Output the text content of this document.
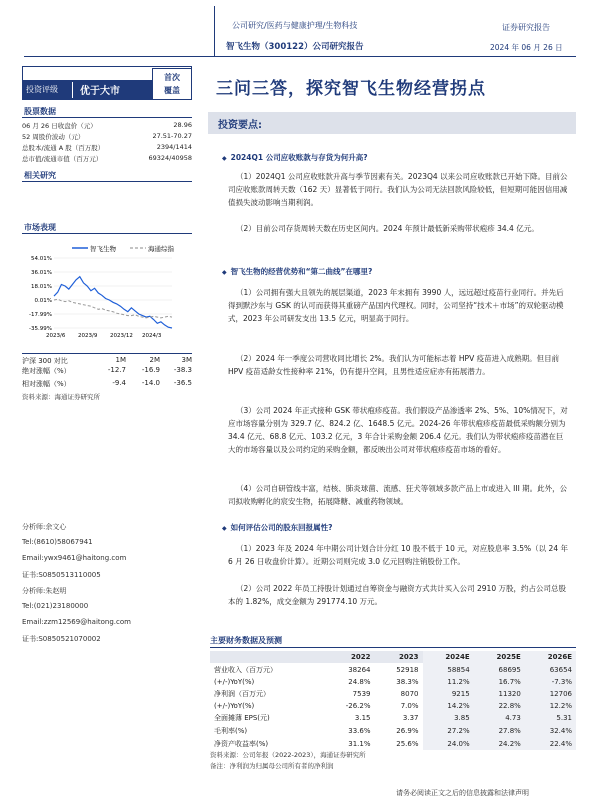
公司研究/医药与健康护理/生物科技
智飞生物（300122）公司研究报告
证券研究报告
2024 年 06 月 26 日
投资评级 优于大市
首次
覆盖	三问三答，探究智飞生物经营拐点
股票数据
06 月 26 日收盘价（元）	28.96
52 周股价波动（元）	27.51-70.27
总股本/流通 A 股（百万股）	2394/1414
总市值/流通市值（百万元）	69324/40958
相关研究
市场表现
智飞生物	海通综指
54.01%
36.01%
18.01%
0.01%
-17.99%
-35.99%
2023/6 2023/9 2023/12 2024/3
沪深 300 对比	1M	2M	3M
绝对涨幅（%）	-12.7	-16.9	-38.3
相对涨幅（%）	-9.4	-14.0	-36.5
资料来源：海通证券研究所
分析师:余文心
Tel:(8610)58067941
Email:ywx9461@haitong.com
证书:S0850513110005
分析师:朱赵明
Tel:(021)23180000
Email:zzm12569@haitong.com
证书:S0850521070002
投资要点:
◆ 2024Q1 公司应收账款与存货为何升高?
（1）2024Q1 公司应收账款升高与季节因素有关。2023Q4 以来公司应收账款已开始下降。目前公司应收账款周转天数（162 天）显著低于同行。我们认为公司无法回款风险较低，但短期可能因信用减值损失波动影响当期利润。
（2）目前公司存货周转天数在历史区间内。2024 年预计最低新采购带状疱疹 34.4 亿元。
◆ 智飞生物的经营优势和“第二曲线”在哪里?
（1）公司拥有强大且领先的展层渠道，2023 年末拥有 3990 人，远远超过疫苗行业同行。并先后得到默沙东与 GSK 的认可而获得其重磅产品国内代理权。同时，公司坚持“技术＋市场”的双轮驱动模式，2023 年公司研发支出 13.5 亿元，明显高于同行。
（2）2024 年一季度公司营收同比增长 2%。我们认为可能标志着 HPV 疫苗进入成熟期。但目前 HPV 疫苗适龄女性接种率 21%，仍有提升空间，且男性适应症亦有拓展潜力。
（3）公司 2024 年正式接种 GSK 带状疱疹疫苗。我们假设产品渗透率 2%、5%、10%情况下，对应市场容量分别为 329.7 亿、824.2 亿、1648.5 亿元。2024-26 年带状疱疹疫苗最低采购额分别为 34.4 亿元、68.8 亿元、103.2 亿元，3 年合计采购金额 206.4 亿元。我们认为带状疱疹疫苗潜在巨大的市场容量以及公司约定的采购金额，都反映出公司对带状疱疹疫苗市场的看好。
（4）公司自研管线丰富，结核、肺炎球菌、流感、狂犬等领域多款产品上市或进入 III 期。此外，公司拟收购孵化的宸安生物，拓展降糖、减重药物领域。
◆ 如何评估公司的股东回报属性?
（1）2023 年及 2024 年中期公司计划合计分红 10 股不低于 10 元，对应股息率 3.5%（以 24 年 6 月 26 日收盘价计算）。近期公司则完成 3.0 亿元回购注销股份工作。
（2）公司 2022 年员工持股计划通过自筹资金与融资方式共计买入公司 2910 万股，约占公司总股本的 1.82%，成交金额为 291774.10 万元。
主要财务数据及预测
	2022	2023	2024E	2025E	2026E
营业收入（百万元）	38264	52918	58854	68695	63654
(+/-)YoY(%)	24.8%	38.3%	11.2%	16.7%	-7.3%
净利润（百万元）	7539	8070	9215	11320	12706
(+/-)YoY(%)	-26.2%	7.0%	14.2%	22.8%	12.2%
全面摊薄 EPS(元)	3.15	3.37	3.85	4.73	5.31
毛利率(%)	33.6%	26.9%	27.2%	27.8%	32.4%
净资产收益率(%)	31.1%	25.6%	24.0%	24.2%	22.4%
资料来源：公司年报（2022-2023），海通证券研究所
备注：净利润为归属母公司所有者的净利润
请务必阅读正文之后的信息披露和法律声明
